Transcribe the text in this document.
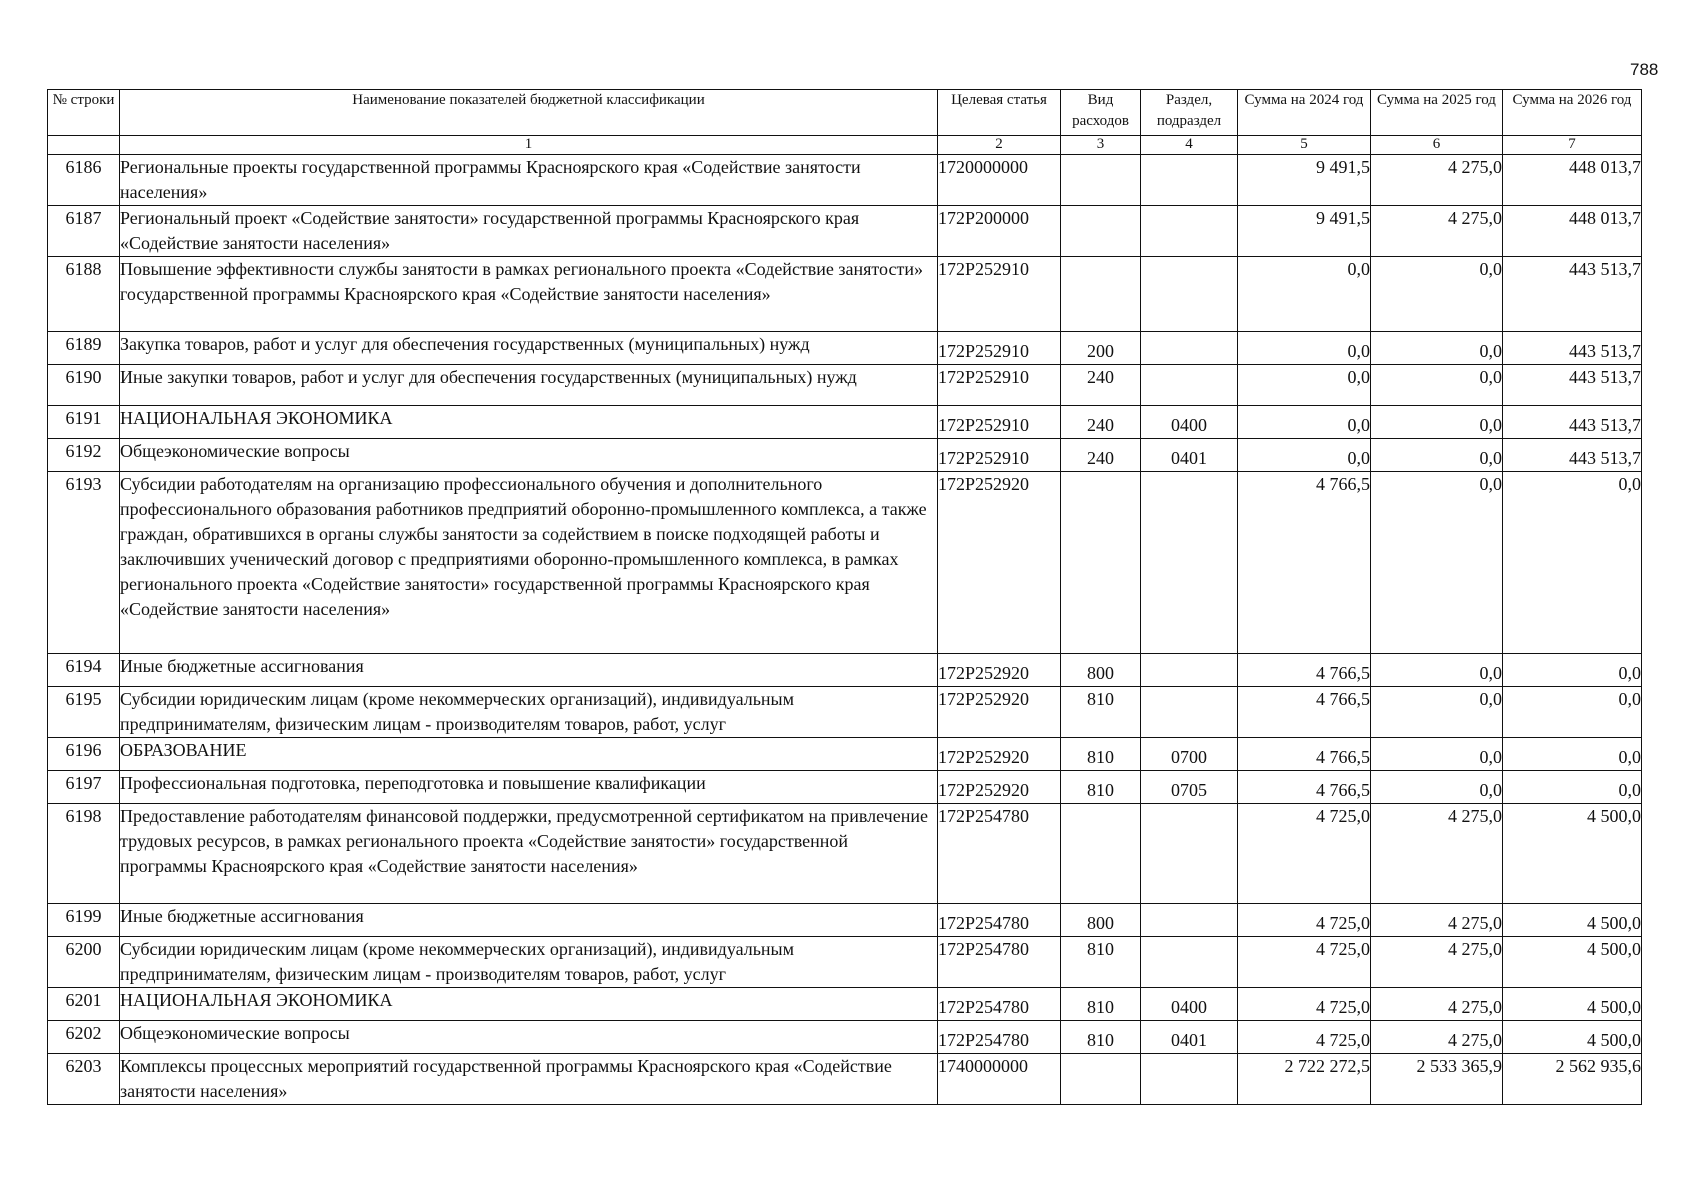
788
№ строки	Наименование показателей бюджетной классификации	Целевая статья	Вид расходов	Раздел, подраздел	Сумма на 2024 год	Сумма на 2025 год	Сумма на 2026 год
	1	2	3	4	5	6	7
6186	Региональные проекты государственной программы Красноярского края «Содействие занятости населения»	1720000000			9 491,5	4 275,0	448 013,7
6187	Региональный проект «Содействие занятости» государственной программы Красноярского края «Содействие занятости населения»	172P200000			9 491,5	4 275,0	448 013,7
6188	Повышение эффективности службы занятости в рамках регионального проекта «Содействие занятости» государственной программы Красноярского края «Содействие занятости населения»	172P252910			0,0	0,0	443 513,7
6189	Закупка товаров, работ и услуг для обеспечения государственных (муниципальных) нужд	172P252910	200		0,0	0,0	443 513,7
6190	Иные закупки товаров, работ и услуг для обеспечения государственных (муниципальных) нужд	172P252910	240		0,0	0,0	443 513,7
6191	НАЦИОНАЛЬНАЯ ЭКОНОМИКА	172P252910	240	0400	0,0	0,0	443 513,7
6192	Общеэкономические вопросы	172P252910	240	0401	0,0	0,0	443 513,7
6193	Субсидии работодателям на организацию профессионального обучения и дополнительного профессионального образования работников предприятий оборонно-промышленного комплекса, а также граждан, обратившихся в органы службы занятости за содействием в поиске подходящей работы и заключивших ученический договор с предприятиями оборонно-промышленного комплекса, в рамках регионального проекта «Содействие занятости» государственной программы Красноярского края «Содействие занятости населения»	172P252920			4 766,5	0,0	0,0
6194	Иные бюджетные ассигнования	172P252920	800		4 766,5	0,0	0,0
6195	Субсидии юридическим лицам (кроме некоммерческих организаций), индивидуальным предпринимателям, физическим лицам - производителям товаров, работ, услуг	172P252920	810		4 766,5	0,0	0,0
6196	ОБРАЗОВАНИЕ	172P252920	810	0700	4 766,5	0,0	0,0
6197	Профессиональная подготовка, переподготовка и повышение квалификации	172P252920	810	0705	4 766,5	0,0	0,0
6198	Предоставление работодателям финансовой поддержки, предусмотренной сертификатом на привлечение трудовых ресурсов, в рамках регионального проекта «Содействие занятости» государственной программы Красноярского края «Содействие занятости населения»	172P254780			4 725,0	4 275,0	4 500,0
6199	Иные бюджетные ассигнования	172P254780	800		4 725,0	4 275,0	4 500,0
6200	Субсидии юридическим лицам (кроме некоммерческих организаций), индивидуальным предпринимателям, физическим лицам - производителям товаров, работ, услуг	172P254780	810		4 725,0	4 275,0	4 500,0
6201	НАЦИОНАЛЬНАЯ ЭКОНОМИКА	172P254780	810	0400	4 725,0	4 275,0	4 500,0
6202	Общеэкономические вопросы	172P254780	810	0401	4 725,0	4 275,0	4 500,0
6203	Комплексы процессных мероприятий государственной программы Красноярского края «Содействие занятости населения»	1740000000			2 722 272,5	2 533 365,9	2 562 935,6
